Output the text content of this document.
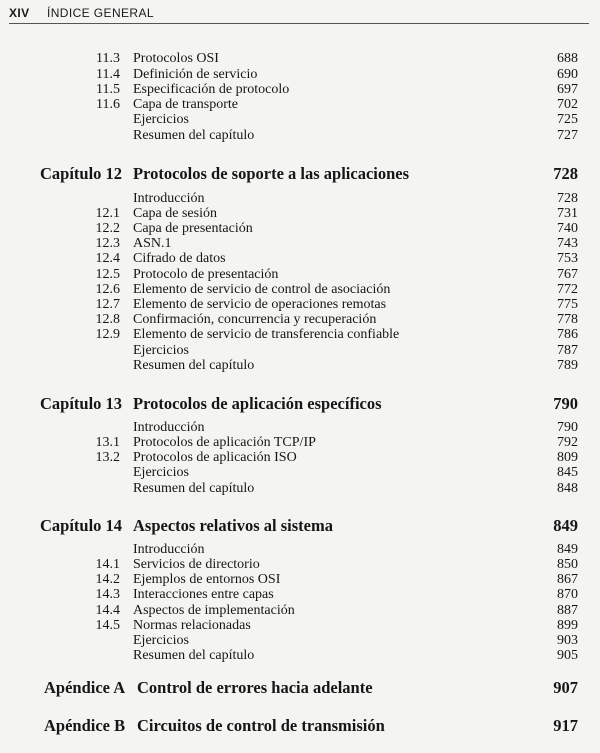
XIV ÍNDICE GENERAL
11.3 Protocolos OSI	688
11.4 Definición de servicio	690
11.5 Especificación de protocolo	697
11.6 Capa de transporte	702
Ejercicios	725
Resumen del capítulo	727
Capítulo 12 Protocolos de soporte a las aplicaciones	728
Introducción	728
12.1 Capa de sesión	731
12.2 Capa de presentación	740
12.3 ASN.1	743
12.4 Cifrado de datos	753
12.5 Protocolo de presentación	767
12.6 Elemento de servicio de control de asociación	772
12.7 Elemento de servicio de operaciones remotas	775
12.8 Confirmación, concurrencia y recuperación	778
12.9 Elemento de servicio de transferencia confiable	786
Ejercicios	787
Resumen del capítulo	789
Capítulo 13 Protocolos de aplicación específicos	790
Introducción	790
13.1 Protocolos de aplicación TCP/IP	792
13.2 Protocolos de aplicación ISO	809
Ejercicios	845
Resumen del capítulo	848
Capítulo 14 Aspectos relativos al sistema	849
Introducción	849
14.1 Servicios de directorio	850
14.2 Ejemplos de entornos OSI	867
14.3 Interacciones entre capas	870
14.4 Aspectos de implementación	887
14.5 Normas relacionadas	899
Ejercicios	903
Resumen del capítulo	905
Apéndice A Control de errores hacia adelante	907
Apéndice B Circuitos de control de transmisión	917
